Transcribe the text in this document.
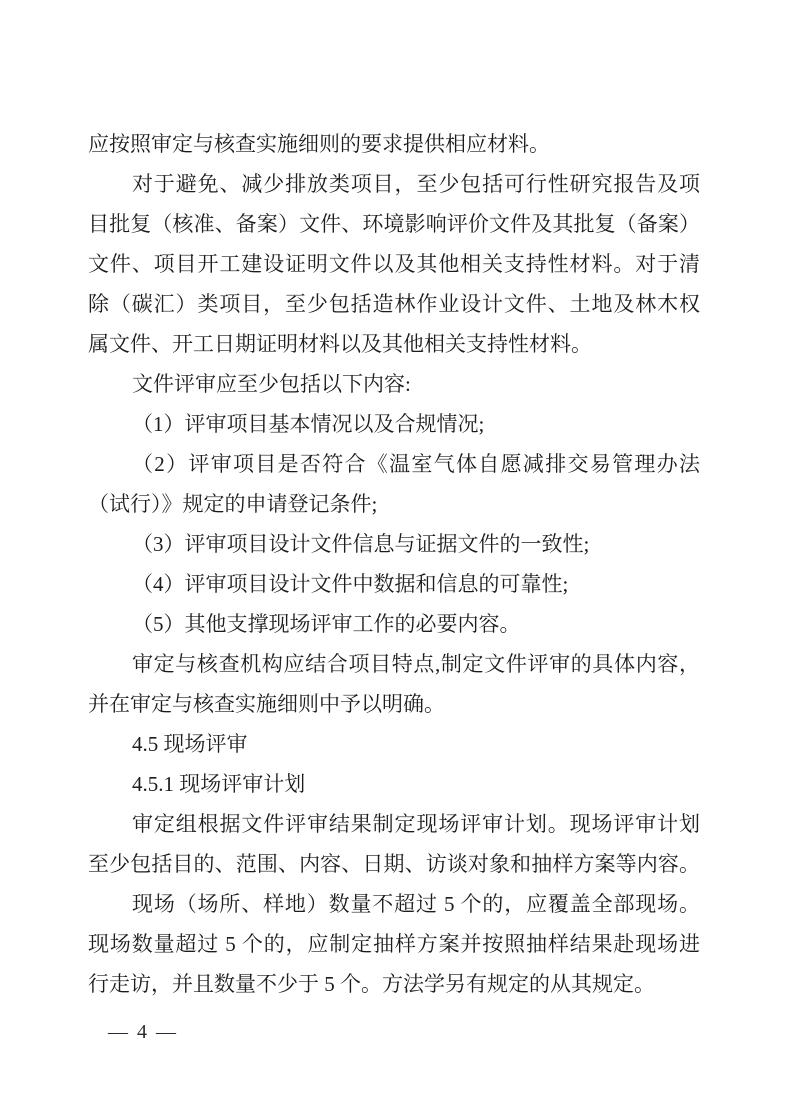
应按照审定与核查实施细则的要求提供相应材料。
对于避免、减少排放类项目，至少包括可行性研究报告及项
目批复（核准、备案）文件、环境影响评价文件及其批复（备案）
文件、项目开工建设证明文件以及其他相关支持性材料。对于清
除（碳汇）类项目，至少包括造林作业设计文件、土地及林木权
属文件、开工日期证明材料以及其他相关支持性材料。
文件评审应至少包括以下内容:
（1）评审项目基本情况以及合规情况;
（2）评审项目是否符合《温室气体自愿减排交易管理办法
（试行）》规定的申请登记条件;
（3）评审项目设计文件信息与证据文件的一致性;
（4）评审项目设计文件中数据和信息的可靠性;
（5）其他支撑现场评审工作的必要内容。
审定与核查机构应结合项目特点,制定文件评审的具体内容，
并在审定与核查实施细则中予以明确。
4.5 现场评审
4.5.1 现场评审计划
审定组根据文件评审结果制定现场评审计划。现场评审计划
至少包括目的、范围、内容、日期、访谈对象和抽样方案等内容。
现场（场所、样地）数量不超过 5 个的，应覆盖全部现场。
现场数量超过 5 个的，应制定抽样方案并按照抽样结果赴现场进
行走访，并且数量不少于 5 个。方法学另有规定的从其规定。
— 4 —
